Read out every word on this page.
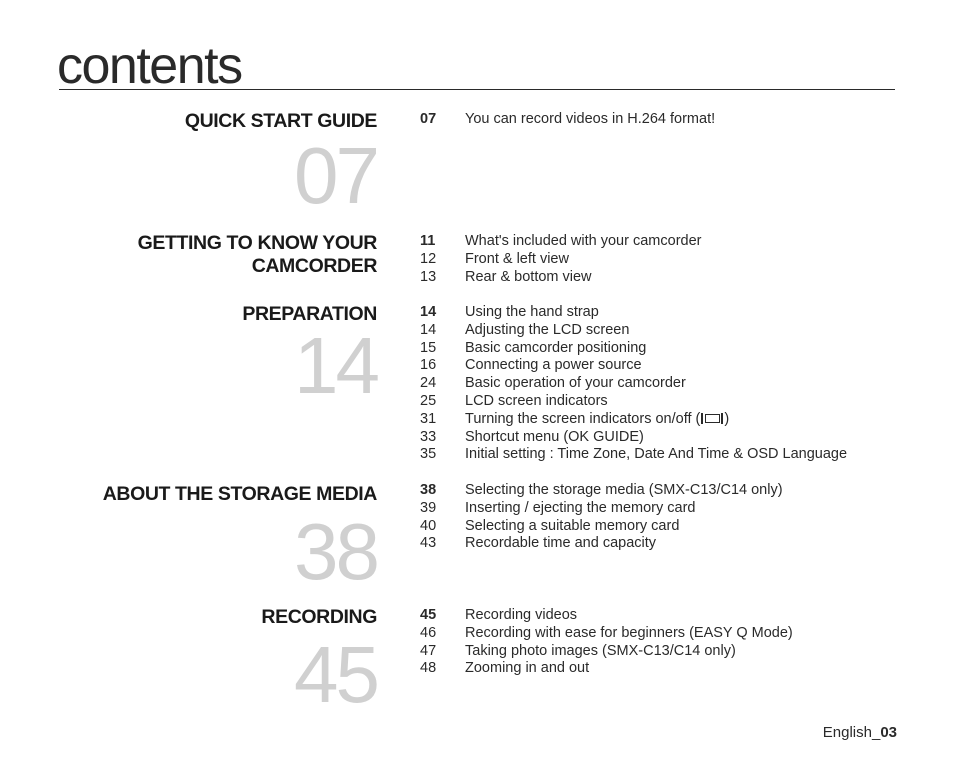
contents
QUICK START GUIDE
07
07 You can record videos in H.264 format!
GETTING TO KNOW YOUR
CAMCORDER
11 What's included with your camcorder
12 Front & left view
13 Rear & bottom view
PREPARATION
14
14 Using the hand strap
14 Adjusting the LCD screen
15 Basic camcorder positioning
16 Connecting a power source
24 Basic operation of your camcorder
25 LCD screen indicators
31 Turning the screen indicators on/off ( )
33 Shortcut menu (OK GUIDE)
35 Initial setting : Time Zone, Date And Time & OSD Language
ABOUT THE STORAGE MEDIA
38
38 Selecting the storage media (SMX-C13/C14 only)
39 Inserting / ejecting the memory card
40 Selecting a suitable memory card
43 Recordable time and capacity
RECORDING
45
45 Recording videos
46 Recording with ease for beginners (EASY Q Mode)
47 Taking photo images (SMX-C13/C14 only)
48 Zooming in and out
English_03
